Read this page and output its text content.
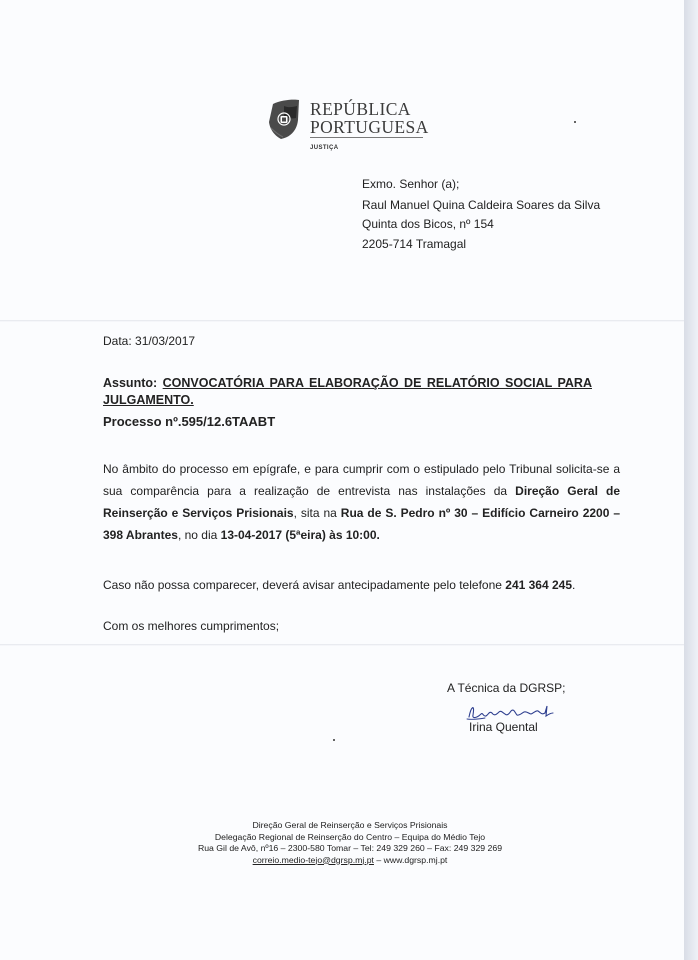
REPÚBLICA
PORTUGUESA
JUSTIÇA
Exmo. Senhor (a);
Raul Manuel Quina Caldeira Soares da Silva
Quinta dos Bicos, nº 154
2205-714 Tramagal
Data: 31/03/2017
Assunto: CONVOCATÓRIA PARA ELABORAÇÃO DE RELATÓRIO SOCIAL PARA
JULGAMENTO.
Processo nº.595/12.6TAABT
No âmbito do processo em epígrafe, e para cumprir com o estipulado pelo Tribunal solicita-se a sua comparência para a realização de entrevista nas instalações da Direção Geral de Reinserção e Serviços Prisionais, sita na Rua de S. Pedro nº 30 – Edifício Carneiro 2200 – 398 Abrantes, no dia 13-04-2017 (5ªeira) às 10:00.
Caso não possa comparecer, deverá avisar antecipadamente pelo telefone 241 364 245.
Com os melhores cumprimentos;
A Técnica da DGRSP;
Irina Quental
Direção Geral de Reinserção e Serviços Prisionais
Delegação Regional de Reinserção do Centro – Equipa do Médio Tejo
Rua Gil de Avô, nº16 – 2300-580 Tomar – Tel: 249 329 260 – Fax: 249 329 269
correio.medio-tejo@dgrsp.mj.pt – www.dgrsp.mj.pt
